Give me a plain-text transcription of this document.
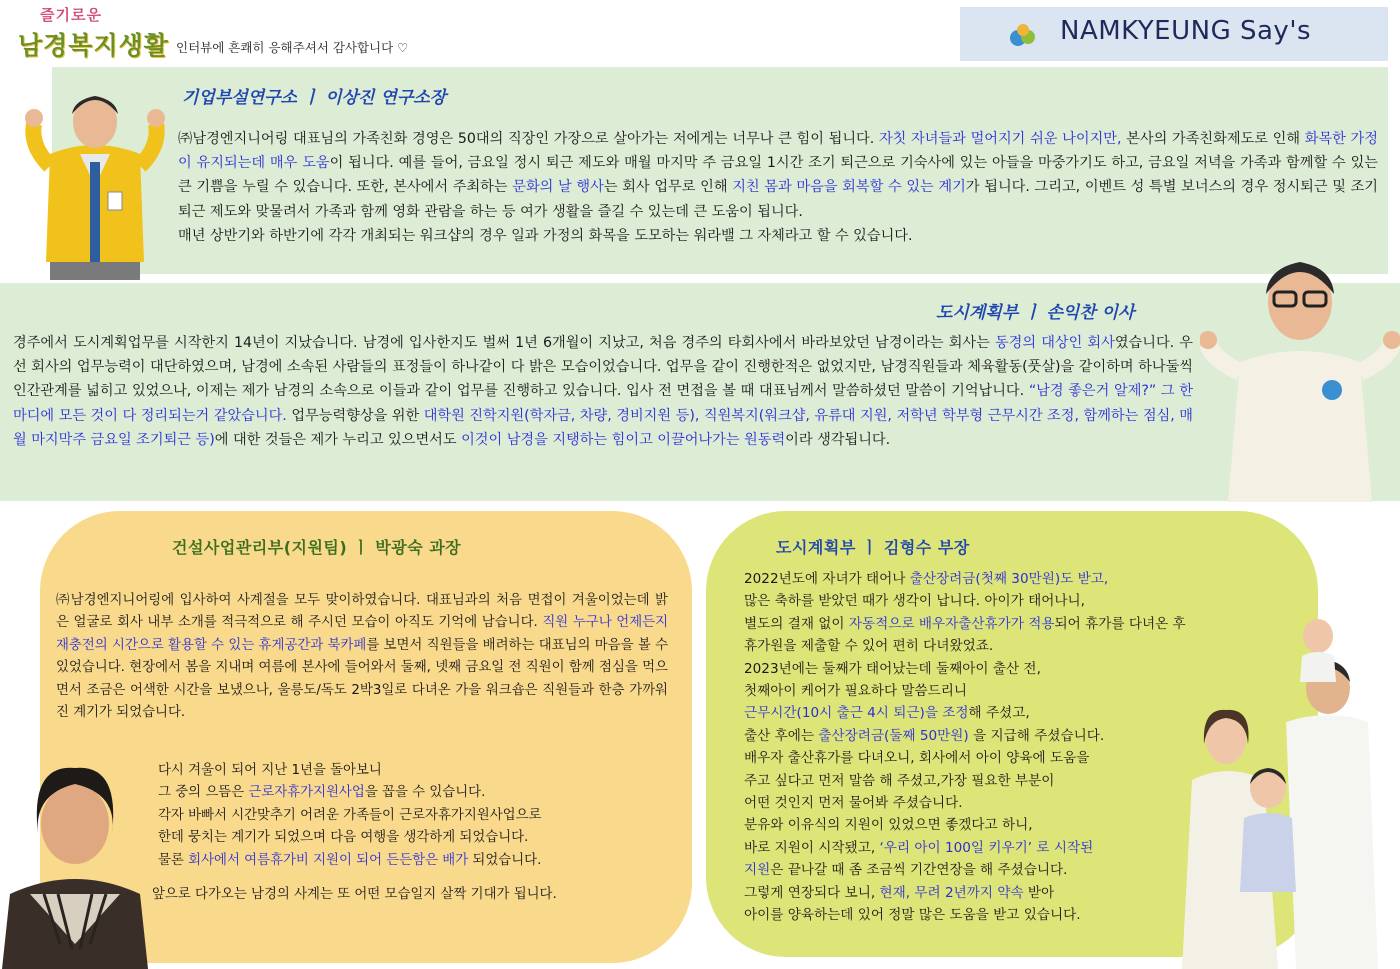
즐기로운
남경복지생활 인터뷰에 흔쾌히 응해주셔서 감사합니다 ♡
NAMKYEUNG Say's
기업부설연구소 ㅣ 이상진 연구소장
㈜남경엔지니어링 대표님의 가족친화 경영은 50대의 직장인 가장으로 살아가는 저에게는 너무나 큰 힘이 됩니다. 자칫 자녀들과 멀어지기 쉬운 나이지만, 본사의 가족친화제도로 인해 화목한 가정이 유지되는데 매우 도움이 됩니다. 예를 들어, 금요일 정시 퇴근 제도와 매월 마지막 주 금요일 1시간 조기 퇴근으로 기숙사에 있는 아들을 마중가기도 하고, 금요일 저녁을 가족과 함께할 수 있는 큰 기쁨을 누릴 수 있습니다. 또한, 본사에서 주최하는 문화의 날 행사는 회사 업무로 인해 지친 몸과 마음을 회복할 수 있는 계기가 됩니다. 그리고, 이벤트 성 특별 보너스의 경우 정시퇴근 및 조기 퇴근 제도와 맞물려서 가족과 함께 영화 관람을 하는 등 여가 생활을 즐길 수 있는데 큰 도움이 됩니다.
매년 상반기와 하반기에 각각 개최되는 워크샵의 경우 일과 가정의 화목을 도모하는 워라밸 그 자체라고 할 수 있습니다.
도시계획부 ㅣ 손익찬 이사
경주에서 도시계획업무를 시작한지 14년이 지났습니다. 남경에 입사한지도 벌써 1년 6개월이 지났고, 처음 경주의 타회사에서 바라보았던 남경이라는 회사는 동경의 대상인 회사였습니다. 우선 회사의 업무능력이 대단하였으며, 남경에 소속된 사람들의 표정들이 하나같이 다 밝은 모습이었습니다. 업무을 같이 진행한적은 없었지만, 남경직원들과 체육활동(풋살)을 같이하며 하나둘씩 인간관계를 넓히고 있었으나, 이제는 제가 남경의 소속으로 이들과 같이 업무를 진행하고 있습니다. 입사 전 면접을 볼 때 대표님께서 말씀하셨던 말씀이 기억납니다. “남경 좋은거 알제?” 그 한마디에 모든 것이 다 정리되는거 같았습니다. 업무능력향상을 위한 대학원 진학지원(학자금, 차량, 경비지원 등), 직원복지(워크샵, 유류대 지원, 저학년 학부형 근무시간 조정, 함께하는 점심, 매월 마지막주 금요일 조기퇴근 등)에 대한 것들은 제가 누리고 있으면서도 이것이 남경을 지탱하는 힘이고 이끌어나가는 원동력이라 생각됩니다.
건설사업관리부(지원팀) ㅣ 박광숙 과장
㈜남경엔지니어링에 입사하여 사계절을 모두 맞이하였습니다. 대표님과의 처음 면접이 겨울이었는데 밝은 얼굴로 회사 내부 소개를 적극적으로 해 주시던 모습이 아직도 기억에 남습니다. 직원 누구나 언제든지 재충전의 시간으로 활용할 수 있는 휴게공간과 북카페를 보면서 직원들을 배려하는 대표님의 마음을 볼 수 있었습니다. 현장에서 봄을 지내며 여름에 본사에 들어와서 둘째, 넷째 금요일 전 직원이 함께 점심을 먹으면서 조금은 어색한 시간을 보냈으나, 울릉도/독도 2박3일로 다녀온 가을 워크숍은 직원들과 한층 가까워진 계기가 되었습니다.
다시 겨울이 되어 지난 1년을 돌아보니
그 중의 으뜸은 근로자휴가지원사업을 꼽을 수 있습니다.
각자 바빠서 시간맞추기 어려운 가족들이 근로자휴가지원사업으로
한데 뭉치는 계기가 되었으며 다음 여행을 생각하게 되었습니다.
물론 회사에서 여름휴가비 지원이 되어 든든함은 배가 되었습니다.
앞으로 다가오는 남경의 사계는 또 어떤 모습일지 살짝 기대가 됩니다.
도시계획부 ㅣ 김형수 부장
2022년도에 자녀가 태어나 출산장려금(첫째 30만원)도 받고,
많은 축하를 받았던 때가 생각이 납니다. 아이가 태어나니,
별도의 결재 없이 자동적으로 배우자출산휴가가 적용되어 휴가를 다녀온 후
휴가원을 제출할 수 있어 편히 다녀왔었죠.
2023년에는 둘째가 태어났는데 둘째아이 출산 전,
첫째아이 케어가 필요하다 말씀드리니
근무시간(10시 출근 4시 퇴근)을 조정해 주셨고,
출산 후에는 출산장려금(둘째 50만원) 을 지급해 주셨습니다.
배우자 출산휴가를 다녀오니, 회사에서 아이 양육에 도움을
주고 싶다고 먼저 말씀 해 주셨고,가장 필요한 부분이
어떤 것인지 먼저 물어봐 주셨습니다.
분유와 이유식의 지원이 있었으면 좋겠다고 하니,
바로 지원이 시작됐고, ‘우리 아이 100일 키우기’ 로 시작된
지원은 끝나갈 때 좀 조금씩 기간연장을 해 주셨습니다.
그렇게 연장되다 보니, 현재, 무려 2년까지 약속 받아
아이를 양육하는데 있어 정말 많은 도움을 받고 있습니다.
